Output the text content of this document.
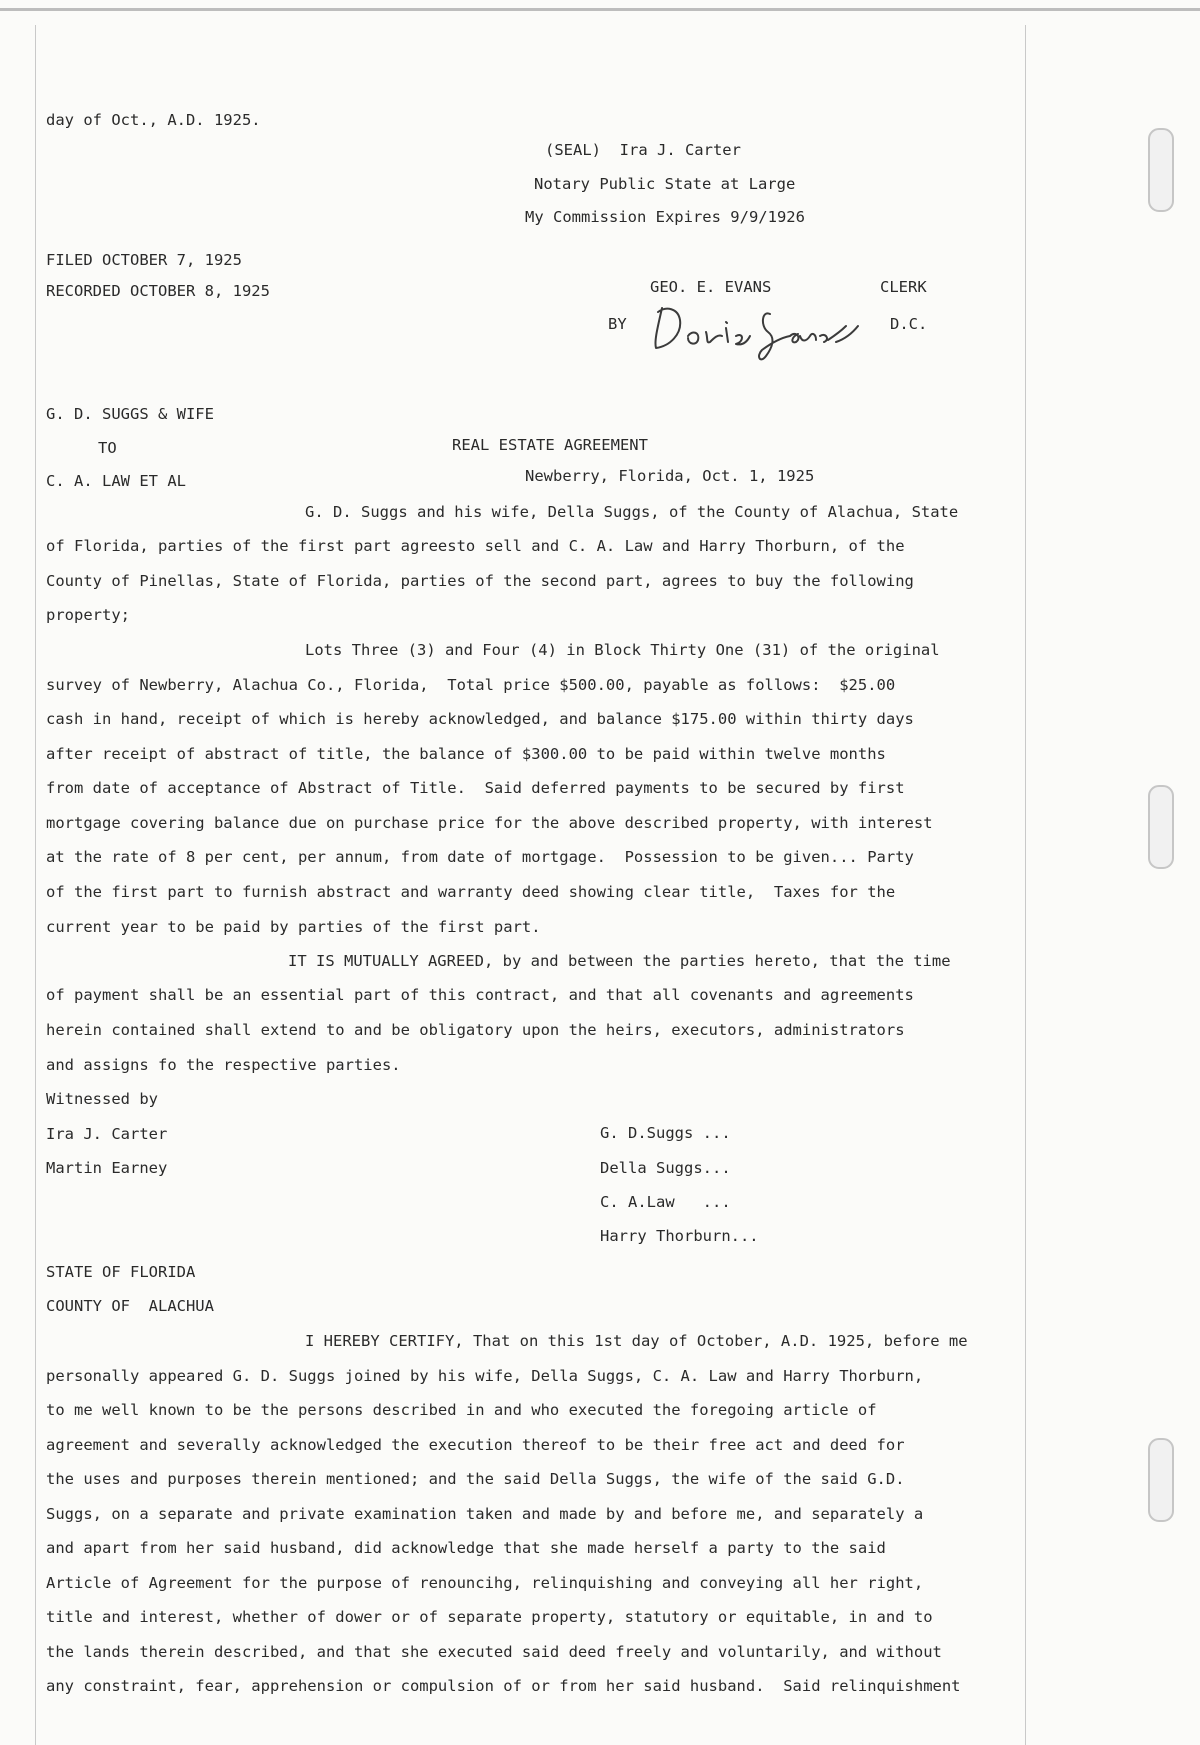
day of Oct., A.D. 1925.
(SEAL)  Ira J. Carter
Notary Public State at Large
My Commission Expires 9/9/1926
FILED OCTOBER 7, 1925
RECORDED OCTOBER 8, 1925	GEO. E. EVANS	CLERK
BY	D.C.
G. D. SUGGS & WIFE
TO
C. A. LAW ET AL
REAL ESTATE AGREEMENT
Newberry, Florida, Oct. 1, 1925
G. D. Suggs and his wife, Della Suggs, of the County of Alachua, State
of Florida, parties of the first part agreesto sell and C. A. Law and Harry Thorburn, of the
County of Pinellas, State of Florida, parties of the second part, agrees to buy the following
property;
Lots Three (3) and Four (4) in Block Thirty One (31) of the original
survey of Newberry, Alachua Co., Florida,  Total price $500.00, payable as follows:  $25.00
cash in hand, receipt of which is hereby acknowledged, and balance $175.00 within thirty days
after receipt of abstract of title, the balance of $300.00 to be paid within twelve months
from date of acceptance of Abstract of Title.  Said deferred payments to be secured by first
mortgage covering balance due on purchase price for the above described property, with interest
at the rate of 8 per cent, per annum, from date of mortgage.  Possession to be given... Party
of the first part to furnish abstract and warranty deed showing clear title,  Taxes for the
current year to be paid by parties of the first part.
IT IS MUTUALLY AGREED, by and between the parties hereto, that the time
of payment shall be an essential part of this contract, and that all covenants and agreements
herein contained shall extend to and be obligatory upon the heirs, executors, administrators
and assigns fo the respective parties.
Witnessed by
Ira J. Carter
Martin Earney
G. D.Suggs ...
Della Suggs...
C. A.Law   ...
Harry Thorburn...
STATE OF FLORIDA
COUNTY OF  ALACHUA
I HEREBY CERTIFY, That on this 1st day of October, A.D. 1925, before me
personally appeared G. D. Suggs joined by his wife, Della Suggs, C. A. Law and Harry Thorburn,
to me well known to be the persons described in and who executed the foregoing article of
agreement and severally acknowledged the execution thereof to be their free act and deed for
the uses and purposes therein mentioned; and the said Della Suggs, the wife of the said G.D.
Suggs, on a separate and private examination taken and made by and before me, and separately a
and apart from her said husband, did acknowledge that she made herself a party to the said
Article of Agreement for the purpose of renouncihg, relinquishing and conveying all her right,
title and interest, whether of dower or of separate property, statutory or equitable, in and to
the lands therein described, and that she executed said deed freely and voluntarily, and without
any constraint, fear, apprehension or compulsion of or from her said husband.  Said relinquishment
